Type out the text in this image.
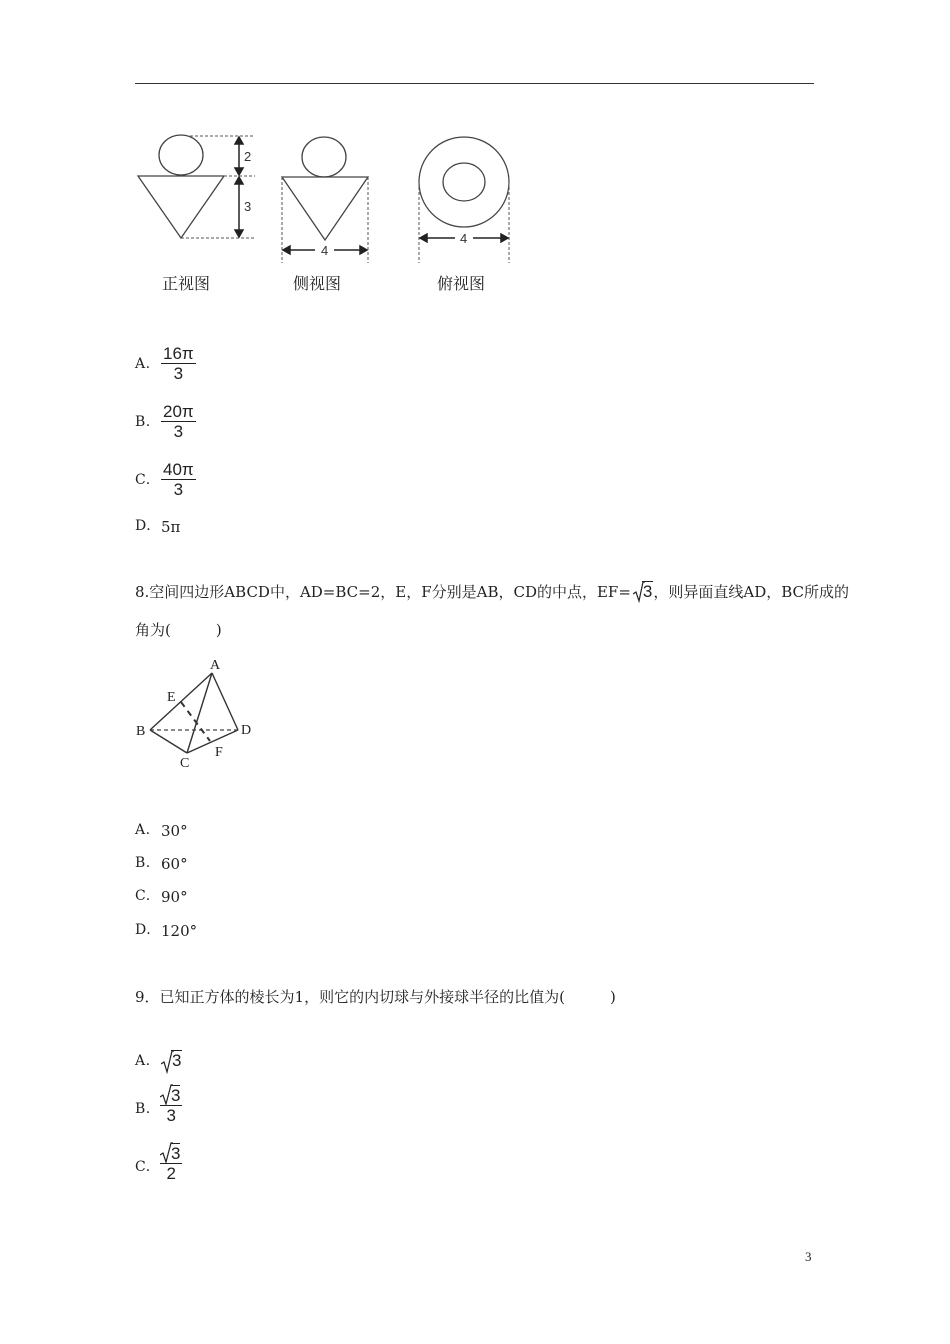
2
3
4
4
正视图	侧视图	俯视图
A.
16π
3
B.
20π
3
C.
40π
3
D. 5π
8.空间四边形ABCD中，AD=BC=2，E，F分别是AB，CD的中点，EF= 3，则异面直线AD，BC所成的
角为(　　　)
A
B
C
D
E
F
A. 30°
B. 60°
C. 90°
D. 120°
9．已知正方体的棱长为1，则它的内切球与外接球半径的比值为(　　　)
A.	3
B.
3
3
C.
3
2
3
